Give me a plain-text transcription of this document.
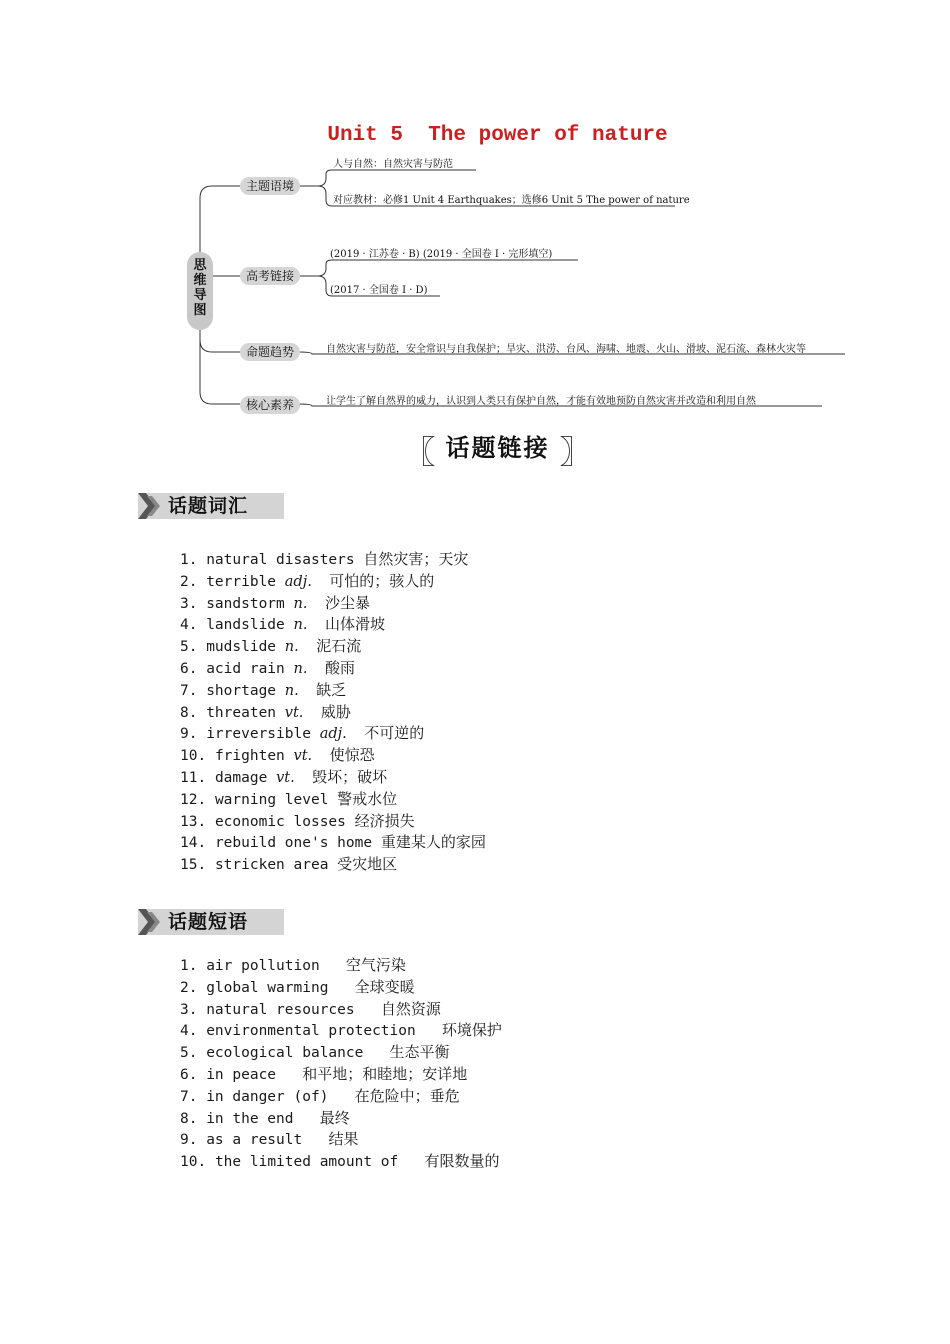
Unit 5 The power of nature
思维导图
主题语境
高考链接
命题趋势
核心素养
人与自然：自然灾害与防范
对应教材：必修1 Unit 4 Earthquakes；选修6 Unit 5 The power of nature
(2019 · 江苏卷 · B) (2019 · 全国卷 Ⅰ · 完形填空)
(2017 · 全国卷 Ⅰ · D)
自然灾害与防范，安全常识与自我保护；旱灾、洪涝、台风、海啸、地震、火山、滑坡、泥石流、森林火灾等
让学生了解自然界的威力，认识到人类只有保护自然，才能有效地预防自然灾害并改造和利用自然
〖 话题链接 〗
话题词汇
1. natural disasters 自然灾害；天灾
2. terrible adj. 可怕的；骇人的
3. sandstorm n. 沙尘暴
4. landslide n. 山体滑坡
5. mudslide n. 泥石流
6. acid rain n. 酸雨
7. shortage n. 缺乏
8. threaten vt. 威胁
9. irreversible adj. 不可逆的
10. frighten vt. 使惊恐
11. damage vt. 毁坏；破坏
12. warning level 警戒水位
13. economic losses 经济损失
14. rebuild one's home 重建某人的家园
15. stricken area 受灾地区
话题短语
1. air pollution 空气污染
2. global warming 全球变暖
3. natural resources 自然资源
4. environmental protection 环境保护
5. ecological balance 生态平衡
6. in peace 和平地；和睦地；安详地
7. in danger (of) 在危险中；垂危
8. in the end 最终
9. as a result 结果
10. the limited amount of 有限数量的
